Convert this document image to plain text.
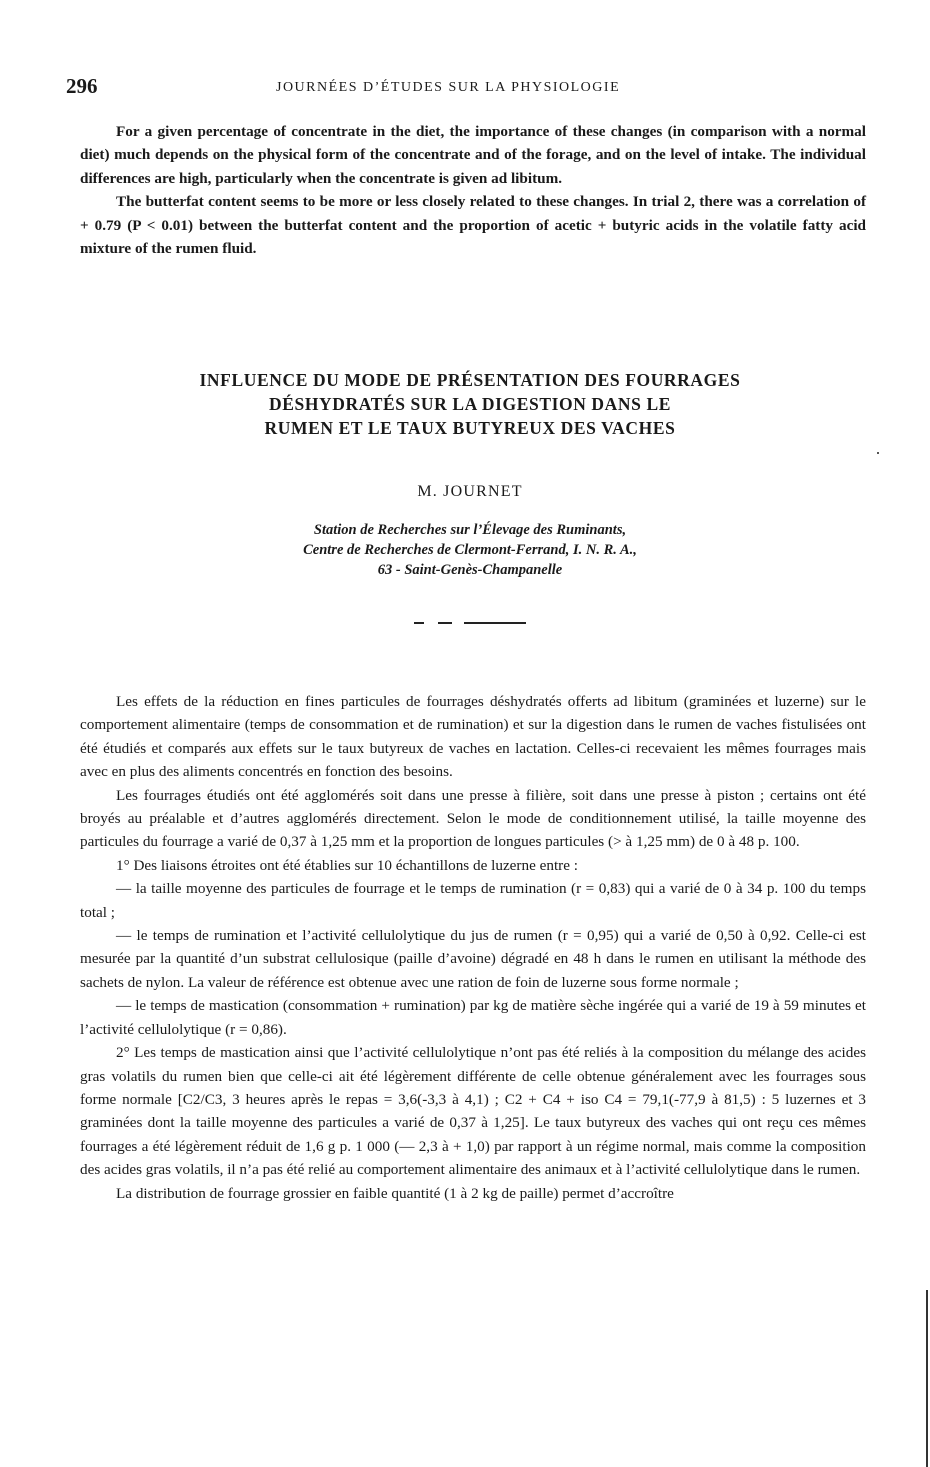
296	JOURNÉES D’ÉTUDES SUR LA PHYSIOLOGIE

For a given percentage of concentrate in the diet, the importance of these changes (in comparison with a normal diet) much depends on the physical form of the concentrate and of the forage, and on the level of intake. The individual differences are high, particularly when the concentrate is given ad libitum.

The butterfat content seems to be more or less closely related to these changes. In trial 2, there was a correlation of + 0.79 (P < 0.01) between the butterfat content and the proportion of acetic + butyric acids in the volatile fatty acid mixture of the rumen fluid.

INFLUENCE DU MODE DE PRÉSENTATION DES FOURRAGES
DÉSHYDRATÉS SUR LA DIGESTION DANS LE
RUMEN ET LE TAUX BUTYREUX DES VACHES
M. JOURNET
Station de Recherches sur l’Élevage des Ruminants,
Centre de Recherches de Clermont-Ferrand, I. N. R. A.,
63 - Saint-Genès-Champanelle

Les effets de la réduction en fines particules de fourrages déshydratés offerts ad libitum (graminées et luzerne) sur le comportement alimentaire (temps de consommation et de rumination) et sur la digestion dans le rumen de vaches fistulisées ont été étudiés et comparés aux effets sur le taux butyreux de vaches en lactation. Celles-ci recevaient les mêmes fourrages mais avec en plus des aliments concentrés en fonction des besoins.

Les fourrages étudiés ont été agglomérés soit dans une presse à filière, soit dans une presse à piston ; certains ont été broyés au préalable et d’autres agglomérés directement. Selon le mode de conditionnement utilisé, la taille moyenne des particules du fourrage a varié de 0,37 à 1,25 mm et la proportion de longues particules (> à 1,25 mm) de 0 à 48 p. 100.

1° Des liaisons étroites ont été établies sur 10 échantillons de luzerne entre :

— la taille moyenne des particules de fourrage et le temps de rumination (r = 0,83) qui a varié de 0 à 34 p. 100 du temps total ;

— le temps de rumination et l’activité cellulolytique du jus de rumen (r = 0,95) qui a varié de 0,50 à 0,92. Celle-ci est mesurée par la quantité d’un substrat cellulosique (paille d’avoine) dégradé en 48 h dans le rumen en utilisant la méthode des sachets de nylon. La valeur de référence est obtenue avec une ration de foin de luzerne sous forme normale ;

— le temps de mastication (consommation + rumination) par kg de matière sèche ingérée qui a varié de 19 à 59 minutes et l’activité cellulolytique (r = 0,86).

2° Les temps de mastication ainsi que l’activité cellulolytique n’ont pas été reliés à la composition du mélange des acides gras volatils du rumen bien que celle-ci ait été légèrement différente de celle obtenue généralement avec les fourrages sous forme normale [C2/C3, 3 heures après le repas = 3,6(-3,3 à 4,1) ; C2 + C4 + iso C4 = 79,1(-77,9 à 81,5) : 5 luzernes et 3 graminées dont la taille moyenne des particules a varié de 0,37 à 1,25]. Le taux butyreux des vaches qui ont reçu ces mêmes fourrages a été légèrement réduit de 1,6 g p. 1 000 (— 2,3 à + 1,0) par rapport à un régime normal, mais comme la composition des acides gras volatils, il n’a pas été relié au comportement alimentaire des animaux et à l’activité cellulolytique dans le rumen.

La distribution de fourrage grossier en faible quantité (1 à 2 kg de paille) permet d’accroître
